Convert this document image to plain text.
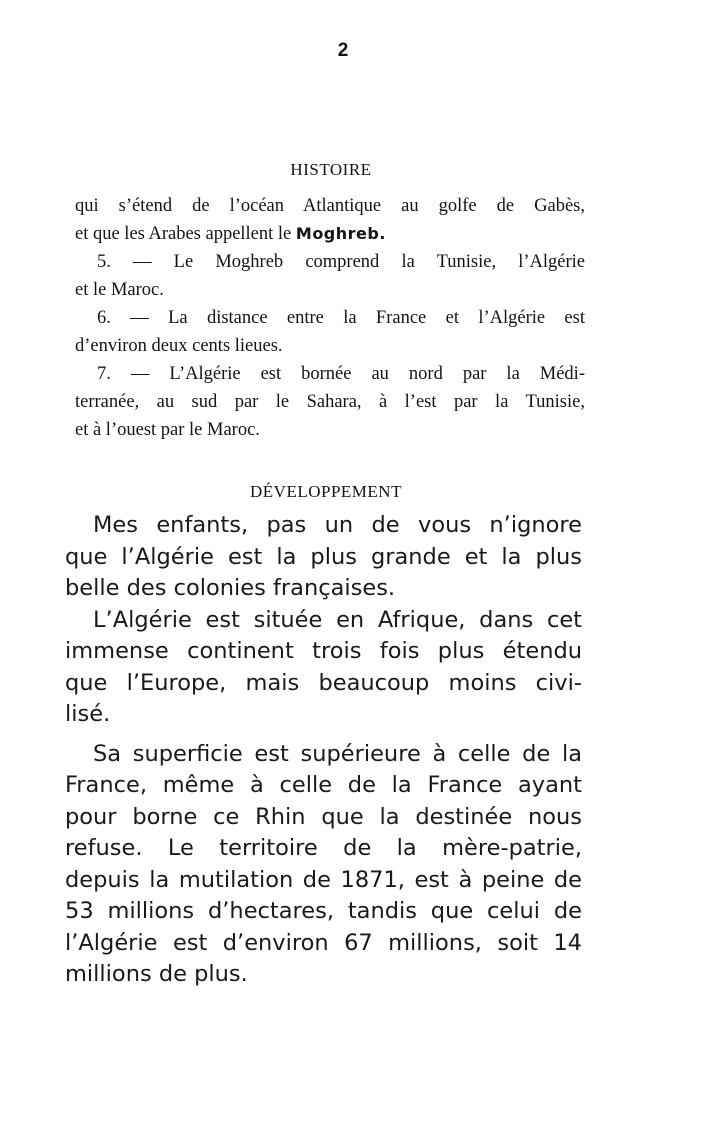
2
HISTOIRE
qui s’étend de l’océan Atlantique au golfe de Gabès,
et que les Arabes appellent le Moghreb.
5. — Le Moghreb comprend la Tunisie, l’Algérie
et le Maroc.
6. — La distance entre la France et l’Algérie est
d’environ deux cents lieues.
7. — L’Algérie est bornée au nord par la Médi-
terranée, au sud par le Sahara, à l’est par la Tunisie,
et à l’ouest par le Maroc.
DÉVELOPPEMENT
Mes enfants, pas un de vous n’ignore
que l’Algérie est la plus grande et la plus
belle des colonies françaises.
L’Algérie est située en Afrique, dans cet
immense continent trois fois plus étendu
que l’Europe, mais beaucoup moins civi-
lisé.
Sa superficie est supérieure à celle de la
France, même à celle de la France ayant
pour borne ce Rhin que la destinée nous
refuse. Le territoire de la mère-patrie,
depuis la mutilation de 1871, est à peine de
53 millions d’hectares, tandis que celui de
l’Algérie est d’environ 67 millions, soit 14
millions de plus.
